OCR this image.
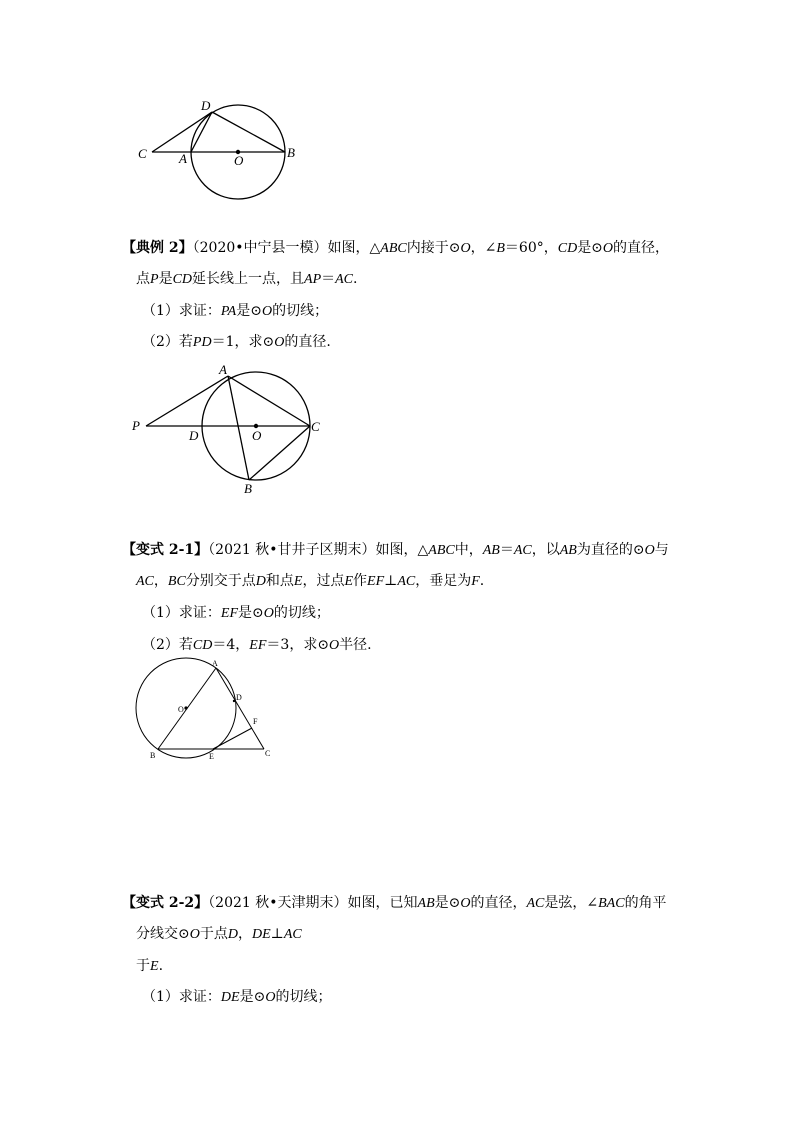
D
C A	O
B
【典例 2】（2020•中宁县一模）如图，△ABC内接于⊙O，∠B＝60°，CD是⊙O的直径，
点P是CD延长线上一点，且AP＝AC.
（1）求证：PA是⊙O的切线；
（2）若PD＝1，求⊙O的直径.
P
A
D	O
C
B
【变式 2-1】（2021 秋•甘井子区期末）如图，△ABC中，AB＝AC，以AB为直径的⊙O与
AC，BC分别交于点D和点E，过点E作EF⊥AC，垂足为F.
（1）求证：EF是⊙O的切线；
（2）若CD＝4，EF＝3，求⊙O半径.
A
O
D
F
B	E	C
【变式 2-2】（2021 秋•天津期末）如图，已知AB是⊙O的直径，AC是弦，∠BAC的角平
分线交⊙O于点D，DE⊥AC
于E.
（1）求证：DE是⊙O的切线；
